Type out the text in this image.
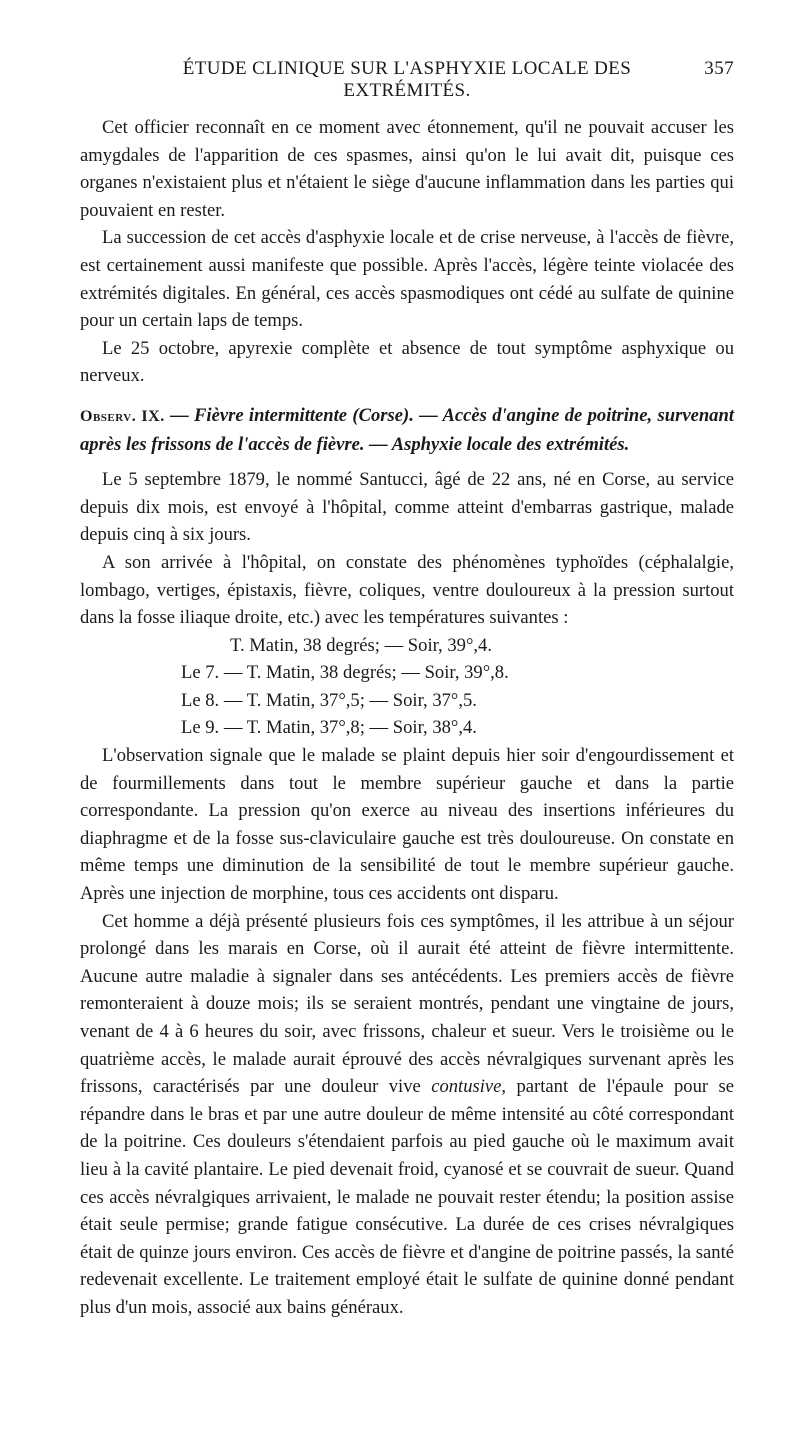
ÉTUDE CLINIQUE SUR L'ASPHYXIE LOCALE DES EXTRÉMITÉS.
357

Cet officier reconnaît en ce moment avec étonnement, qu'il ne pouvait accuser les amygdales de l'apparition de ces spasmes, ainsi qu'on le lui avait dit, puisque ces organes n'existaient plus et n'étaient le siège d'aucune inflammation dans les parties qui pouvaient en rester.

La succession de cet accès d'asphyxie locale et de crise nerveuse, à l'accès de fièvre, est certainement aussi manifeste que possible. Après l'accès, légère teinte violacée des extrémités digitales. En général, ces accès spasmodiques ont cédé au sulfate de quinine pour un certain laps de temps.

Le 25 octobre, apyrexie complète et absence de tout symptôme asphyxique ou nerveux.

Observ. IX. — Fièvre intermittente (Corse). — Accès d'angine de poitrine, survenant après les frissons de l'accès de fièvre. — Asphyxie locale des extrémités.

Le 5 septembre 1879, le nommé Santucci, âgé de 22 ans, né en Corse, au service depuis dix mois, est envoyé à l'hôpital, comme atteint d'embarras gastrique, malade depuis cinq à six jours.

A son arrivée à l'hôpital, on constate des phénomènes typhoïdes (céphalalgie, lombago, vertiges, épistaxis, fièvre, coliques, ventre douloureux à la pression surtout dans la fosse iliaque droite, etc.) avec les températures suivantes :

T. Matin, 38 degrés; — Soir, 39°,4.
Le 7. — T. Matin, 38 degrés; — Soir, 39°,8.
Le 8. — T. Matin, 37°,5; — Soir, 37°,5.
Le 9. — T. Matin, 37°,8; — Soir, 38°,4.

L'observation signale que le malade se plaint depuis hier soir d'engourdissement et de fourmillements dans tout le membre supérieur gauche et dans la partie correspondante. La pression qu'on exerce au niveau des insertions inférieures du diaphragme et de la fosse sus-claviculaire gauche est très douloureuse. On constate en même temps une diminution de la sensibilité de tout le membre supérieur gauche. Après une injection de morphine, tous ces accidents ont disparu.

Cet homme a déjà présenté plusieurs fois ces symptômes, il les attribue à un séjour prolongé dans les marais en Corse, où il aurait été atteint de fièvre intermittente. Aucune autre maladie à signaler dans ses antécédents. Les premiers accès de fièvre remonteraient à douze mois; ils se seraient montrés, pendant une vingtaine de jours, venant de 4 à 6 heures du soir, avec frissons, chaleur et sueur. Vers le troisième ou le quatrième accès, le malade aurait éprouvé des accès névralgiques survenant après les frissons, caractérisés par une douleur vive contusive, partant de l'épaule pour se répandre dans le bras et par une autre douleur de même intensité au côté correspondant de la poitrine. Ces douleurs s'étendaient parfois au pied gauche où le maximum avait lieu à la cavité plantaire. Le pied devenait froid, cyanosé et se couvrait de sueur. Quand ces accès névralgiques arrivaient, le malade ne pouvait rester étendu; la position assise était seule permise; grande fatigue consécutive. La durée de ces crises névralgiques était de quinze jours environ. Ces accès de fièvre et d'angine de poitrine passés, la santé redevenait excellente. Le traitement employé était le sulfate de quinine donné pendant plus d'un mois, associé aux bains généraux.
